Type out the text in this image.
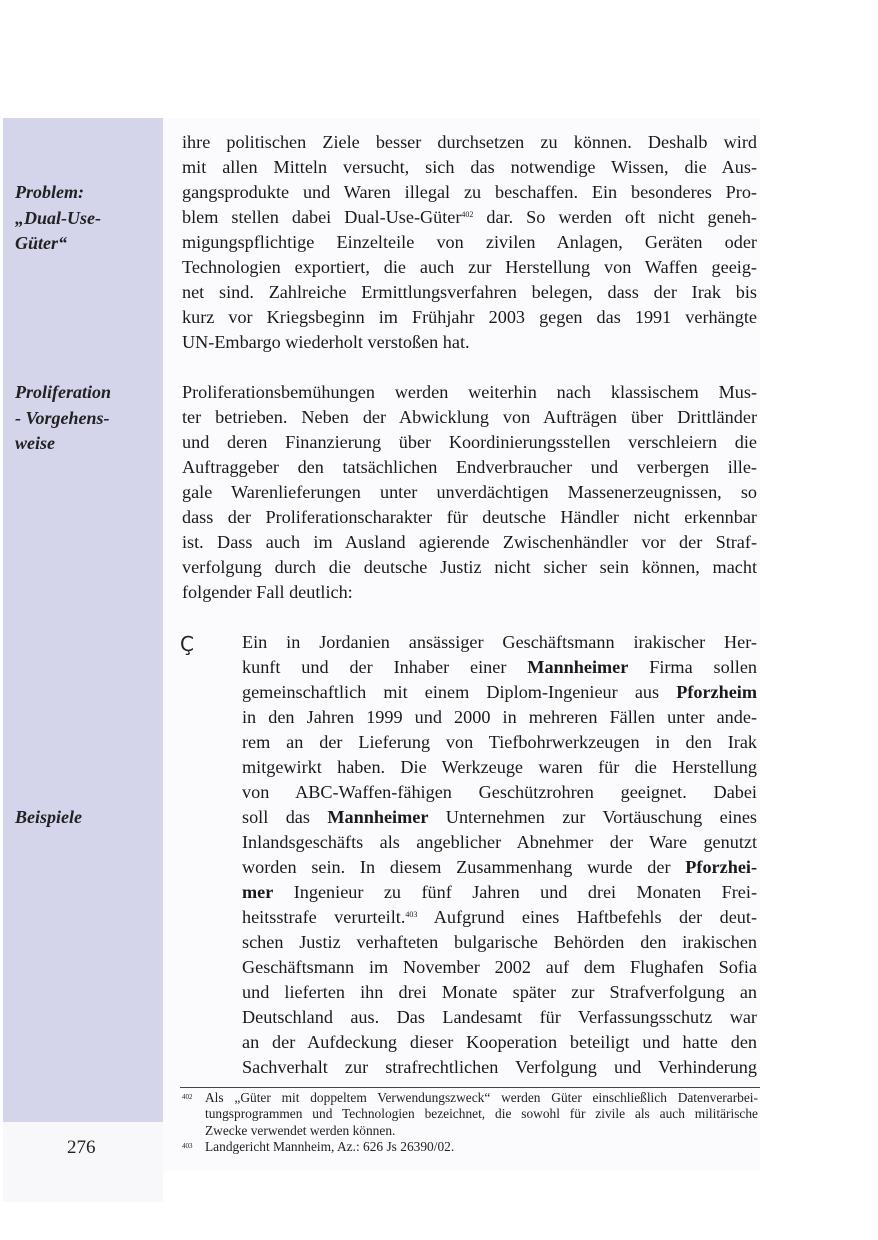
Problem:
„Dual-Use-
Güter“
Proliferation
- Vorgehens-
weise
Beispiele
ihre politischen Ziele besser durchsetzen zu können. Deshalb wird
mit allen Mitteln versucht, sich das notwendige Wissen, die Aus-
gangsprodukte und Waren illegal zu beschaffen. Ein besonderes Pro-
blem stellen dabei Dual-Use-Güter$^{402}$ dar. So werden oft nicht geneh-
migungspflichtige Einzelteile von zivilen Anlagen, Geräten oder
Technologien exportiert, die auch zur Herstellung von Waffen geeig-
net sind. Zahlreiche Ermittlungsverfahren belegen, dass der Irak bis
kurz vor Kriegsbeginn im Frühjahr 2003 gegen das 1991 verhängte
UN-Embargo wiederholt verstoßen hat.
Proliferationsbemühungen werden weiterhin nach klassischem Mus-
ter betrieben. Neben der Abwicklung von Aufträgen über Drittländer
und deren Finanzierung über Koordinierungsstellen verschleiern die
Auftraggeber den tatsächlichen Endverbraucher und verbergen ille-
gale Warenlieferungen unter unverdächtigen Massenerzeugnissen, so
dass der Proliferationscharakter für deutsche Händler nicht erkennbar
ist. Dass auch im Ausland agierende Zwischenhändler vor der Straf-
verfolgung durch die deutsche Justiz nicht sicher sein können, macht
folgender Fall deutlich:
Ç	Ein in Jordanien ansässiger Geschäftsmann irakischer Her-
kunft und der Inhaber einer Mannheimer Firma sollen
gemeinschaftlich mit einem Diplom-Ingenieur aus Pforzheim
in den Jahren 1999 und 2000 in mehreren Fällen unter ande-
rem an der Lieferung von Tiefbohrwerkzeugen in den Irak
mitgewirkt haben. Die Werkzeuge waren für die Herstellung
von ABC-Waffen-fähigen Geschützrohren geeignet. Dabei
soll das Mannheimer Unternehmen zur Vortäuschung eines
Inlandsgeschäfts als angeblicher Abnehmer der Ware genutzt
worden sein. In diesem Zusammenhang wurde der Pforzhei-
mer Ingenieur zu fünf Jahren und drei Monaten Frei-
heitsstrafe verurteilt.$^{403}$ Aufgrund eines Haftbefehls der deut-
schen Justiz verhafteten bulgarische Behörden den irakischen
Geschäftsmann im November 2002 auf dem Flughafen Sofia
und lieferten ihn drei Monate später zur Strafverfolgung an
Deutschland aus. Das Landesamt für Verfassungsschutz war
an der Aufdeckung dieser Kooperation beteiligt und hatte den
Sachverhalt zur strafrechtlichen Verfolgung und Verhinderung
402 Als „Güter mit doppeltem Verwendungszweck“ werden Güter einschließlich Datenverarbei-
tungsprogrammen und Technologien bezeichnet, die sowohl für zivile als auch militärische
Zwecke verwendet werden können.
403 Landgericht Mannheim, Az.: 626 Js 26390/02.
276
